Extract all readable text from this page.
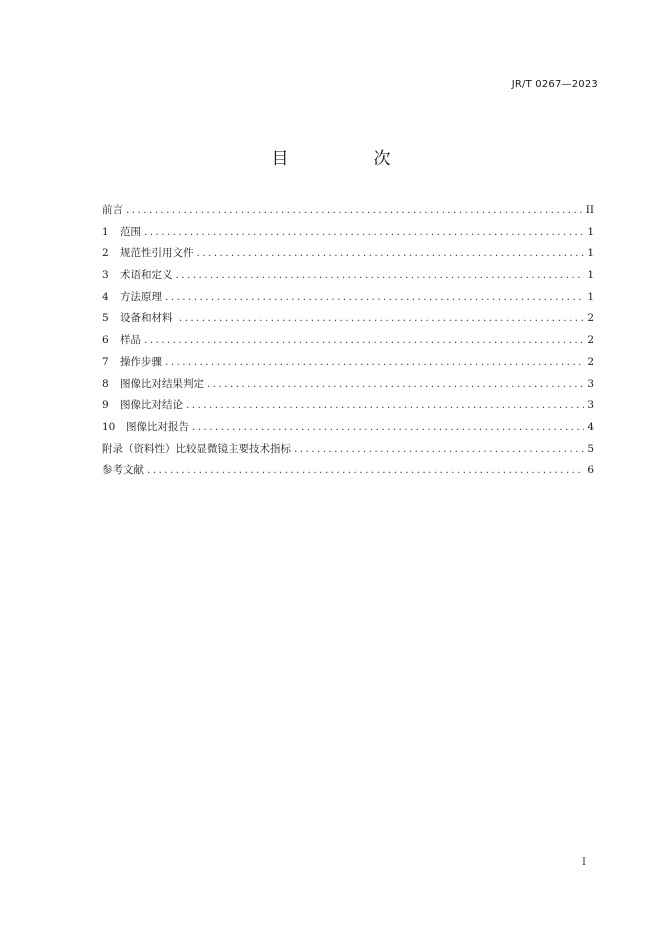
JR/T 0267—2023
目　次
前言 .....	II
1	范围 .....	1
2	规范性引用文件 .....	1
3	术语和定义 .....	1
4	方法原理 .....	1
5	设备和材料 .....	2
6	样品 .....	2
7	操作步骤 .....	2
8	图像比对结果判定 .....	3
9	图像比对结论 .....	3
10	图像比对报告 .....	4
附录（资料性）比较显微镜主要技术指标 .....	5
参考文献 .....	6
I
